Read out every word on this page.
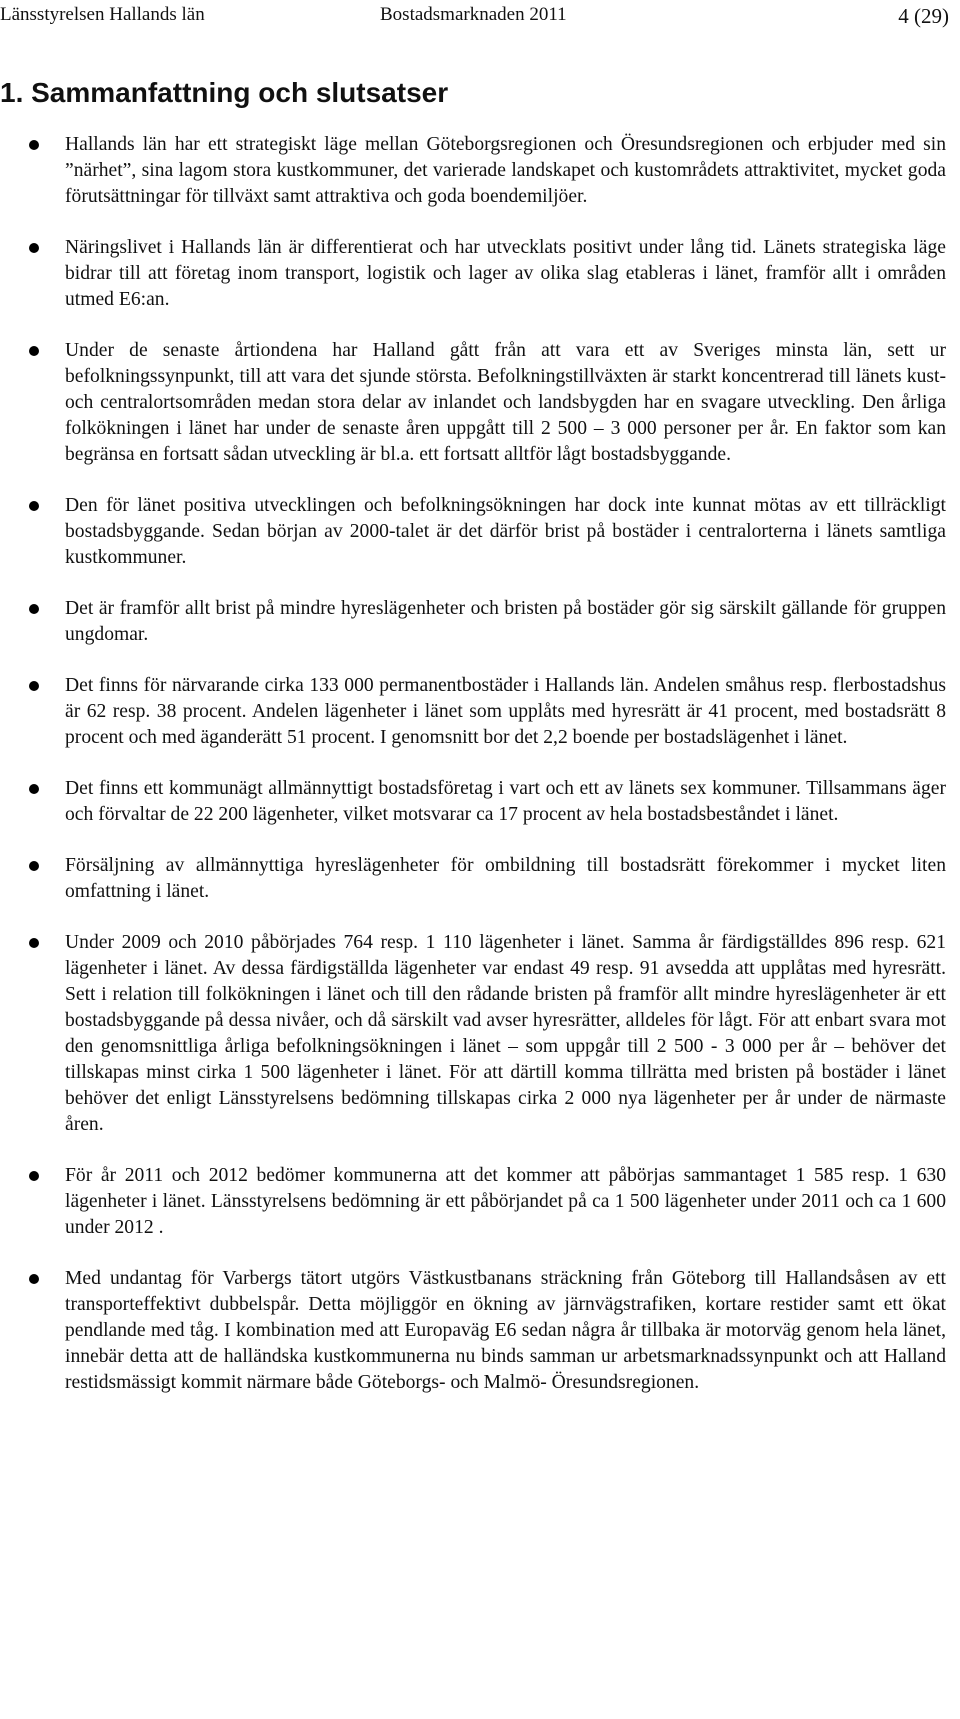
Länsstyrelsen Hallands län	Bostadsmarknaden 2011	4 (29)
1. Sammanfattning och slutsatser

Hallands län har ett strategiskt läge mellan Göteborgsregionen och Öresundsregionen och erbjuder med sin ”närhet”, sina lagom stora kustkommuner, det varierade landskapet och kustområdets attraktivitet, mycket goda förutsättningar för tillväxt samt attraktiva och goda boendemiljöer.

Näringslivet i Hallands län är differentierat och har utvecklats positivt under lång tid. Länets strategiska läge bidrar till att företag inom transport, logistik och lager av olika slag etableras i länet, framför allt i områden utmed E6:an.

Under de senaste årtiondena har Halland gått från att vara ett av Sveriges minsta län, sett ur befolkningssynpunkt, till att vara det sjunde största. Befolkningstillväxten är starkt koncentrerad till länets kust- och centralortsområden medan stora delar av inlandet och landsbygden har en svagare utveckling. Den årliga folkökningen i länet har under de senaste åren uppgått till 2 500 – 3 000 personer per år. En faktor som kan begränsa en fortsatt sådan utveckling är bl.a. ett fortsatt alltför lågt bostadsbyggande.

Den för länet positiva utvecklingen och befolkningsökningen har dock inte kunnat mötas av ett tillräckligt bostadsbyggande. Sedan början av 2000-talet är det därför brist på bostäder i centralorterna i länets samtliga kustkommuner.

Det är framför allt brist på mindre hyreslägenheter och bristen på bostäder gör sig särskilt gällande för gruppen ungdomar.

Det finns för närvarande cirka 133 000 permanentbostäder i Hallands län. Andelen småhus resp. flerbostadshus är 62 resp. 38 procent. Andelen lägenheter i länet som upplåts med hyresrätt är 41 procent, med bostadsrätt 8 procent och med äganderätt 51 procent. I genomsnitt bor det 2,2 boende per bostadslägenhet i länet.

Det finns ett kommunägt allmännyttigt bostadsföretag i vart och ett av länets sex kommuner. Tillsammans äger och förvaltar de 22 200 lägenheter, vilket motsvarar ca 17 procent av hela bostadsbeståndet i länet.

Försäljning av allmännyttiga hyreslägenheter för ombildning till bostadsrätt förekommer i mycket liten omfattning i länet.

Under 2009 och 2010 påbörjades 764 resp. 1 110 lägenheter i länet. Samma år färdigställdes 896 resp. 621 lägenheter i länet. Av dessa färdigställda lägenheter var endast 49 resp. 91 avsedda att upplåtas med hyresrätt. Sett i relation till folkökningen i länet och till den rådande bristen på framför allt mindre hyreslägenheter är ett bostadsbyggande på dessa nivåer, och då särskilt vad avser hyresrätter, alldeles för lågt. För att enbart svara mot den genomsnittliga årliga befolkningsökningen i länet – som uppgår till 2 500 - 3 000 per år – behöver det tillskapas minst cirka 1 500 lägenheter i länet. För att därtill komma tillrätta med bristen på bostäder i länet behöver det enligt Länsstyrelsens bedömning tillskapas cirka 2 000 nya lägenheter per år under de närmaste åren.

För år 2011 och 2012 bedömer kommunerna att det kommer att påbörjas sammantaget 1 585 resp. 1 630 lägenheter i länet. Länsstyrelsens bedömning är ett påbörjandet på ca 1 500 lägenheter under 2011 och ca 1 600 under 2012 .

Med undantag för Varbergs tätort utgörs Västkustbanans sträckning från Göteborg till Hallandsåsen av ett transporteffektivt dubbelspår. Detta möjliggör en ökning av järnvägstrafiken, kortare restider samt ett ökat pendlande med tåg. I kombination med att Europaväg E6 sedan några år tillbaka är motorväg genom hela länet, innebär detta att de halländska kustkommunerna nu binds samman ur arbetsmarknadssynpunkt och att Halland restidsmässigt kommit närmare både Göteborgs- och Malmö- Öresundsregionen.
